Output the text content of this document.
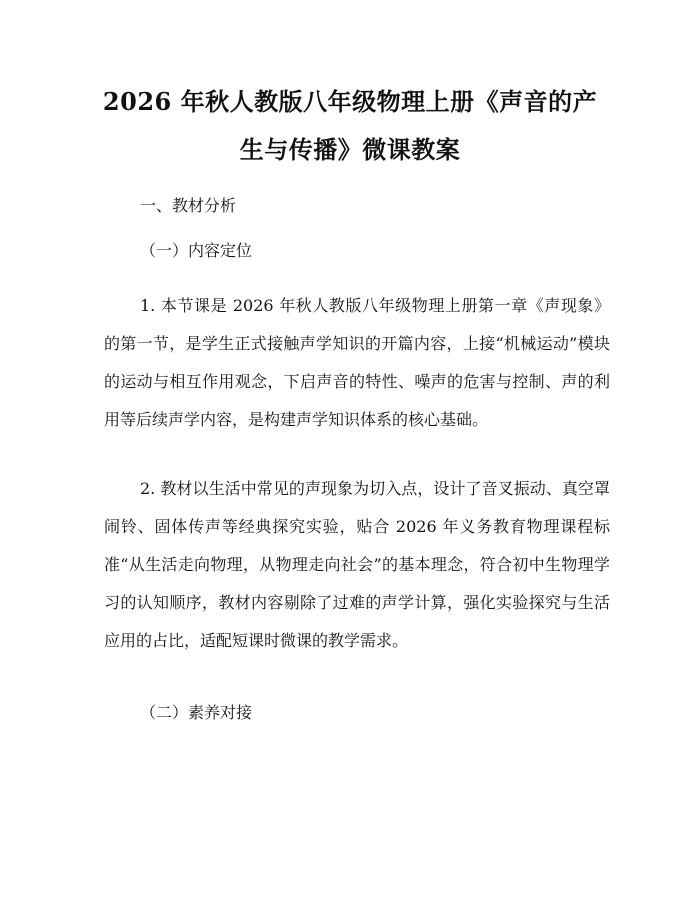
2026 年秋人教版八年级物理上册《声音的产
生与传播》微课教案

一、教材分析

（一）内容定位

1. 本节课是 2026 年秋人教版八年级物理上册第一章《声现象》的第一节，是学生正式接触声学知识的开篇内容，上接“机械运动”模块的运动与相互作用观念，下启声音的特性、噪声的危害与控制、声的利用等后续声学内容，是构建声学知识体系的核心基础。

2. 教材以生活中常见的声现象为切入点，设计了音叉振动、真空罩闹铃、固体传声等经典探究实验，贴合 2026 年义务教育物理课程标准“从生活走向物理，从物理走向社会”的基本理念，符合初中生物理学习的认知顺序，教材内容剔除了过难的声学计算，强化实验探究与生活应用的占比，适配短课时微课的教学需求。

（二）素养对接
